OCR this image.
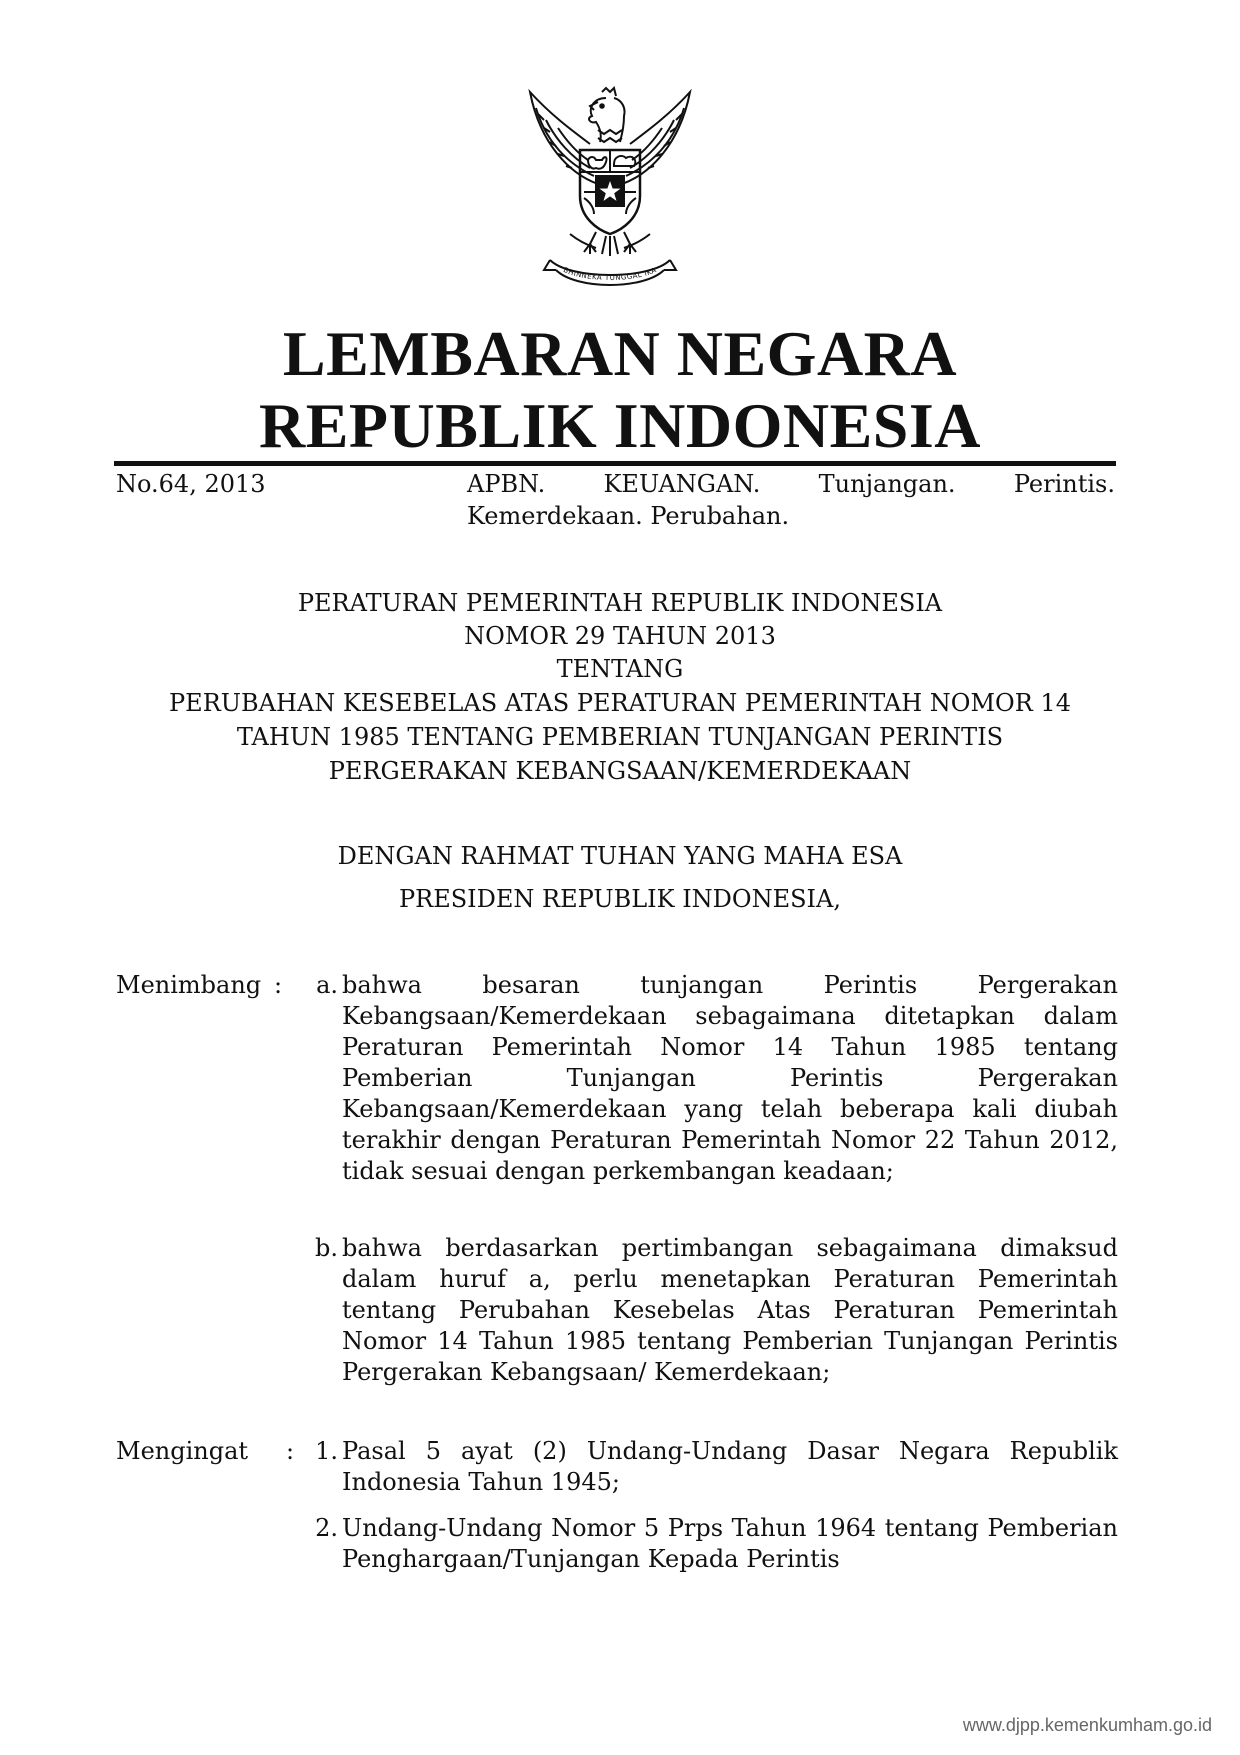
BHINNEKA TUNGGAL IKA
LEMBARAN NEGARA
REPUBLIK INDONESIA

No.64, 2013	APBN. KEUANGAN. Tunjangan. Perintis. Kemerdekaan. Perubahan.

PERATURAN PEMERINTAH REPUBLIK INDONESIA
NOMOR 29 TAHUN 2013
TENTANG
PERUBAHAN KESEBELAS ATAS PERATURAN PEMERINTAH NOMOR 14
TAHUN 1985 TENTANG PEMBERIAN TUNJANGAN PERINTIS
PERGERAKAN KEBANGSAAN/KEMERDEKAAN
DENGAN RAHMAT TUHAN YANG MAHA ESA
PRESIDEN REPUBLIK INDONESIA,

Menimbang :	a. bahwa besaran tunjangan Perintis Pergerakan Kebangsaan/Kemerdekaan sebagaimana ditetapkan dalam Peraturan Pemerintah Nomor 14 Tahun 1985 tentang Pemberian Tunjangan Perintis Pergerakan Kebangsaan/Kemerdekaan yang telah beberapa kali diubah terakhir dengan Peraturan Pemerintah Nomor 22 Tahun 2012, tidak sesuai dengan perkembangan keadaan;
b. bahwa berdasarkan pertimbangan sebagaimana dimaksud dalam huruf a, perlu menetapkan Peraturan Pemerintah tentang Perubahan Kesebelas Atas Peraturan Pemerintah Nomor 14 Tahun 1985 tentang Pemberian Tunjangan Perintis Pergerakan Kebangsaan/ Kemerdekaan;

Mengingat : 1. Pasal 5 ayat (2) Undang-Undang Dasar Negara Republik Indonesia Tahun 1945;
2. Undang-Undang Nomor 5 Prps Tahun 1964 tentang Pemberian Penghargaan/Tunjangan Kepada Perintis

www.djpp.kemenkumham.go.id
